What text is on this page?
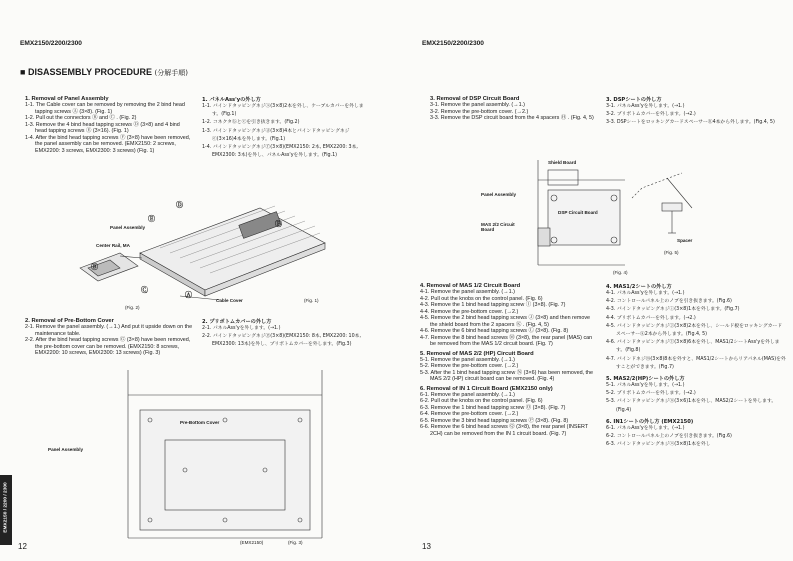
EMX2150/2200/2300
■ DISASSEMBLY PROCEDURE (分解手順)
1. Removal of Panel Assembly
1-1. The Cable cover can be removed by removing the 2 bind head tapping screws Ⓐ (3×8). (Fig. 1)
1-2. Pull out the connectors Ⓑ and Ⓒ . (Fig. 2)
1-3. Remove the 4 bind head tapping screws Ⓓ (3×8) and 4 bind head tapping screws Ⓔ (3×16). (Fig. 1)
1-4. After the bind head tapping screws Ⓕ (3×8) have been removed, the panel assembly can be removed. (EMX2150: 2 screws, EMX2200: 3 screws, EMX2300: 3 screws) (Fig. 1)
1. パネルAss'yの外し方
1-1. バインドタッピングネジⓐ(3×8)2本を外し、ケーブルカバーを外します。(Fig.1)
1-2. コネクタⓑとⓒを引き抜きます。(Fig.2)
1-3. バインドタッピングネジⓓ(3×8)4本とバインドタッピングネジⓔ(3×16)4本を外します。(Fig.1)
1-4. バインドタッピングネジⓕ(3×8)(EMX2150: 2本, EMX2200: 3本, EMX2300: 3本)を外し、パネルAss'yを外します。(Fig.1)
Panel Assembly
Center Rail, MA
Ⓑ
Ⓒ
Ⓓ
Ⓔ
Ⓕ
Ⓐ
Cable Cover
(Fig. 2)
(Fig. 1)
2. Removal of Pre-Bottom Cover
2-1. Remove the panel assembly. (→1.) And put it upside down on the maintenance table.
2-2. After the bind head tapping screws Ⓖ (3×8) have been removed, the pre-bottom cover can be removed. (EMX2150: 8 screws, EMX2200: 10 screws, EMX2300: 13 screws) (Fig. 3)
2. プリボトムカバーの外し方
2-1. パネルAss'yを外します。(→1.)
2-2. バインドタッピングネジⓖ(3×8)(EMX2150: 8本, EMX2200: 10本, EMX2300: 13本)を外し、プリボトムカバーを外します。(Fig.3)
Pre-Bottom Cover
Panel Assembly
(EMX2150)	(Fig. 3)
EMX2150 / 2200 / 2300
12
EMX2150/2200/2300
3. Removal of DSP Circuit Board
3-1. Remove the panel assembly. (→1.)
3-2. Remove the pre-bottom cover. (→2.)
3-3. Remove the DSP circuit board from the 4 spacers Ⓗ . (Fig. 4, 5)
3. DSPシートの外し方
3-1. パネルAss'yを外します。(→1.)
3-2. プリボトムカバーを外します。(→2.)
3-3. DSPシートをロッキングカードスペーサーⓗ4本から外します。(Fig.4, 5)
Shield Board
Panel Assembly
DSP Circuit Board
MAS 2/2 Circuit Board
Spacer
(Fig. 5)
(Fig. 4)
4. Removal of MAS 1/2 Circuit Board
4-1. Remove the panel assembly. (→1.)
4-2. Pull out the knobs on the control panel. (Fig. 6)
4-3. Remove the 1 bind head tapping screw Ⓘ (3×8). (Fig. 7)
4-4. Remove the pre-bottom cover. (→2.)
4-5. Remove the 2 bind head tapping screws Ⓙ (3×8) and then remove the shield board from the 2 spacers Ⓚ . (Fig. 4, 5)
4-6. Remove the 6 bind head tapping screws Ⓛ (3×8). (Fig. 8)
4-7. Remove the 8 bind head screws Ⓜ (3×8), the rear panel (MAS) can be removed from the MAS 1/2 circuit board. (Fig. 7)
5. Removal of MAS 2/2 (HP) Circuit Board
5-1. Remove the panel assembly. (→1.)
5-2. Remove the pre-bottom cover. (→2.)
5-3. After the 1 bind head tapping screw Ⓝ (3×6) has been removed, the MAS 2/2 (HP) circuit board can be removed. (Fig. 4)
6. Removal of IN 1 Circuit Board (EMX2150 only)
6-1. Remove the panel assembly. (→1.)
6-2. Pull out the knobs on the control panel. (Fig. 6)
6-3. Remove the 1 bind head tapping screw Ⓞ (3×8). (Fig. 7)
6-4. Remove the pre-bottom cover. (→2.)
6-5. Remove the 3 bind head tapping screws Ⓟ (3×8). (Fig. 8)
6-6. Remove the 6 bind head screws Ⓠ (3×8), the rear panel (INSERT 2CH) can be removed from the IN 1 circuit board. (Fig. 7)
4. MAS1/2シートの外し方
4-1. パネルAss'yを外します。(→1.)
4-2. コントロールパネル上のノブを引き抜きます。(Fig.6)
4-3. バインドタッピングネジⓘ(3×8)1本を外します。(Fig.7)
4-4. プリボトムカバーを外します。(→2.)
4-5. バインドタッピングネジⓙ(3×8)2本を外し、シールド板をロッキングカードスペーサーⓚ2本から外します。(Fig.4, 5)
4-6. バインドタッピングネジⓛ(3×8)6本を外し、MAS1/2シートAss'yを外します。(Fig.8)
4-7. バインドネジⓜ(3×8)8本を外すと、MAS1/2シートからリアパネル(MAS)を外すことができます。(Fig.7)
5. MAS2/2(HP)シートの外し方
5-1. パネルAss'yを外します。(→1.)
5-2. プリボトムカバーを外します。(→2.)
5-3. バインドタッピングネジⓝ(3×6)1本を外し、MAS2/2シートを外します。(Fig.4)
6. IN1シートの外し方 (EMX2150)
6-1. パネルAss'yを外します。(→1.)
6-2. コントロールパネル上のノブを引き抜きます。(Fig.6)
6-3. バインドタッピングネジⓞ(3×8)1本を外し
13
